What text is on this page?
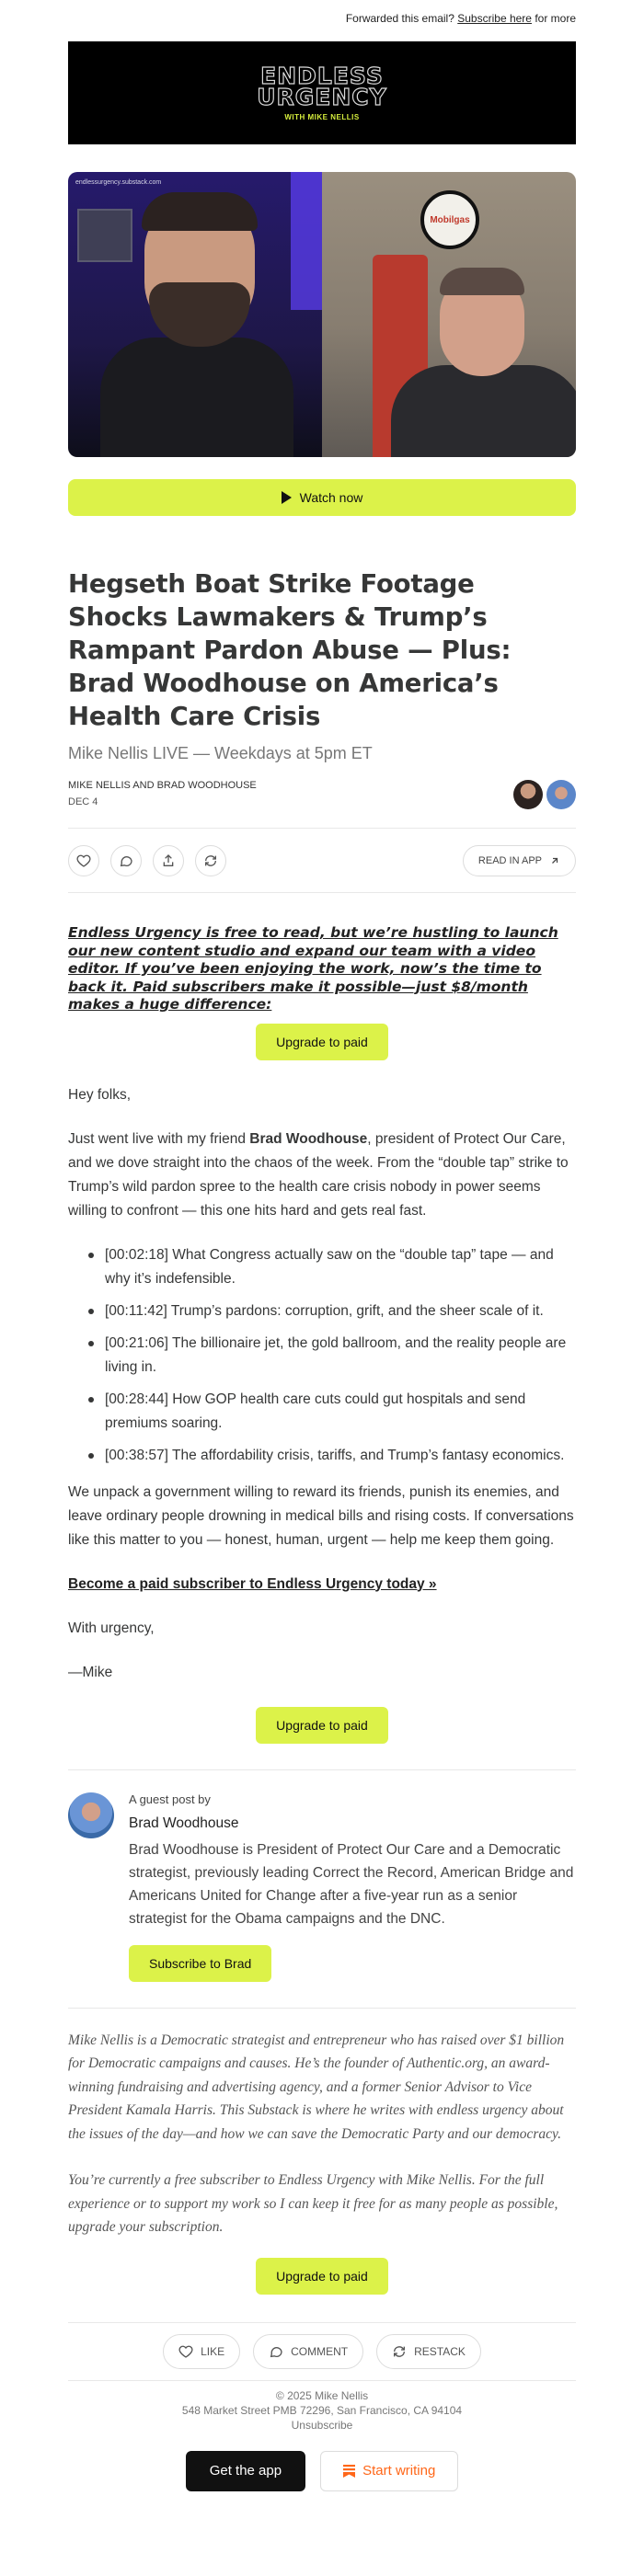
Forwarded this email? Subscribe here for more
ENDLESS
URGENCY
WITH MIKE NELLIS
endlessurgency.substack.com
Mobilgas
Watch now
Hegseth Boat Strike Footage Shocks Lawmakers & Trump’s Rampant Pardon Abuse — Plus: Brad Woodhouse on America’s Health Care Crisis
Mike Nellis LIVE — Weekdays at 5pm ET
MIKE NELLIS AND BRAD WOODHOUSE
DEC 4
READ IN APP

Endless Urgency is free to read, but we’re hustling to launch our new content studio and expand our team with a video editor. If you’ve been enjoying the work, now’s the time to back it. Paid subscribers make it possible—just $8/month makes a huge difference:

Upgrade to paid

Hey folks,

Just went live with my friend Brad Woodhouse, president of Protect Our Care, and we dove straight into the chaos of the week. From the “double tap” strike to Trump’s wild pardon spree to the health care crisis nobody in power seems willing to confront — this one hits hard and gets real fast.

[00:02:18] What Congress actually saw on the “double tap” tape — and why it’s indefensible.
[00:11:42] Trump’s pardons: corruption, grift, and the sheer scale of it.
[00:21:06] The billionaire jet, the gold ballroom, and the reality people are living in.
[00:28:44] How GOP health care cuts could gut hospitals and send premiums soaring.
[00:38:57] The affordability crisis, tariffs, and Trump’s fantasy economics.

We unpack a government willing to reward its friends, punish its enemies, and leave ordinary people drowning in medical bills and rising costs. If conversations like this matter to you — honest, human, urgent — help me keep them going.

Become a paid subscriber to Endless Urgency today »

With urgency,

—Mike

Upgrade to paid
A guest post by
Brad Woodhouse
Brad Woodhouse is President of Protect Our Care and a Democratic strategist, previously leading Correct the Record, American Bridge and Americans United for Change after a five-year run as a senior strategist for the Obama campaigns and the DNC.
Subscribe to Brad

Mike Nellis is a Democratic strategist and entrepreneur who has raised over $1 billion for Democratic campaigns and causes. He’s the founder of Authentic.org, an award-winning fundraising and advertising agency, and a former Senior Advisor to Vice President Kamala Harris. This Substack is where he writes with endless urgency about the issues of the day—and how we can save the Democratic Party and our democracy.

You’re currently a free subscriber to Endless Urgency with Mike Nellis. For the full experience or to support my work so I can keep it free for as many people as possible, upgrade your subscription.

Upgrade to paid
LIKE	COMMENT	RESTACK
© 2025 Mike Nellis
548 Market Street PMB 72296, San Francisco, CA 94104
Unsubscribe
Get the app	Start writing
